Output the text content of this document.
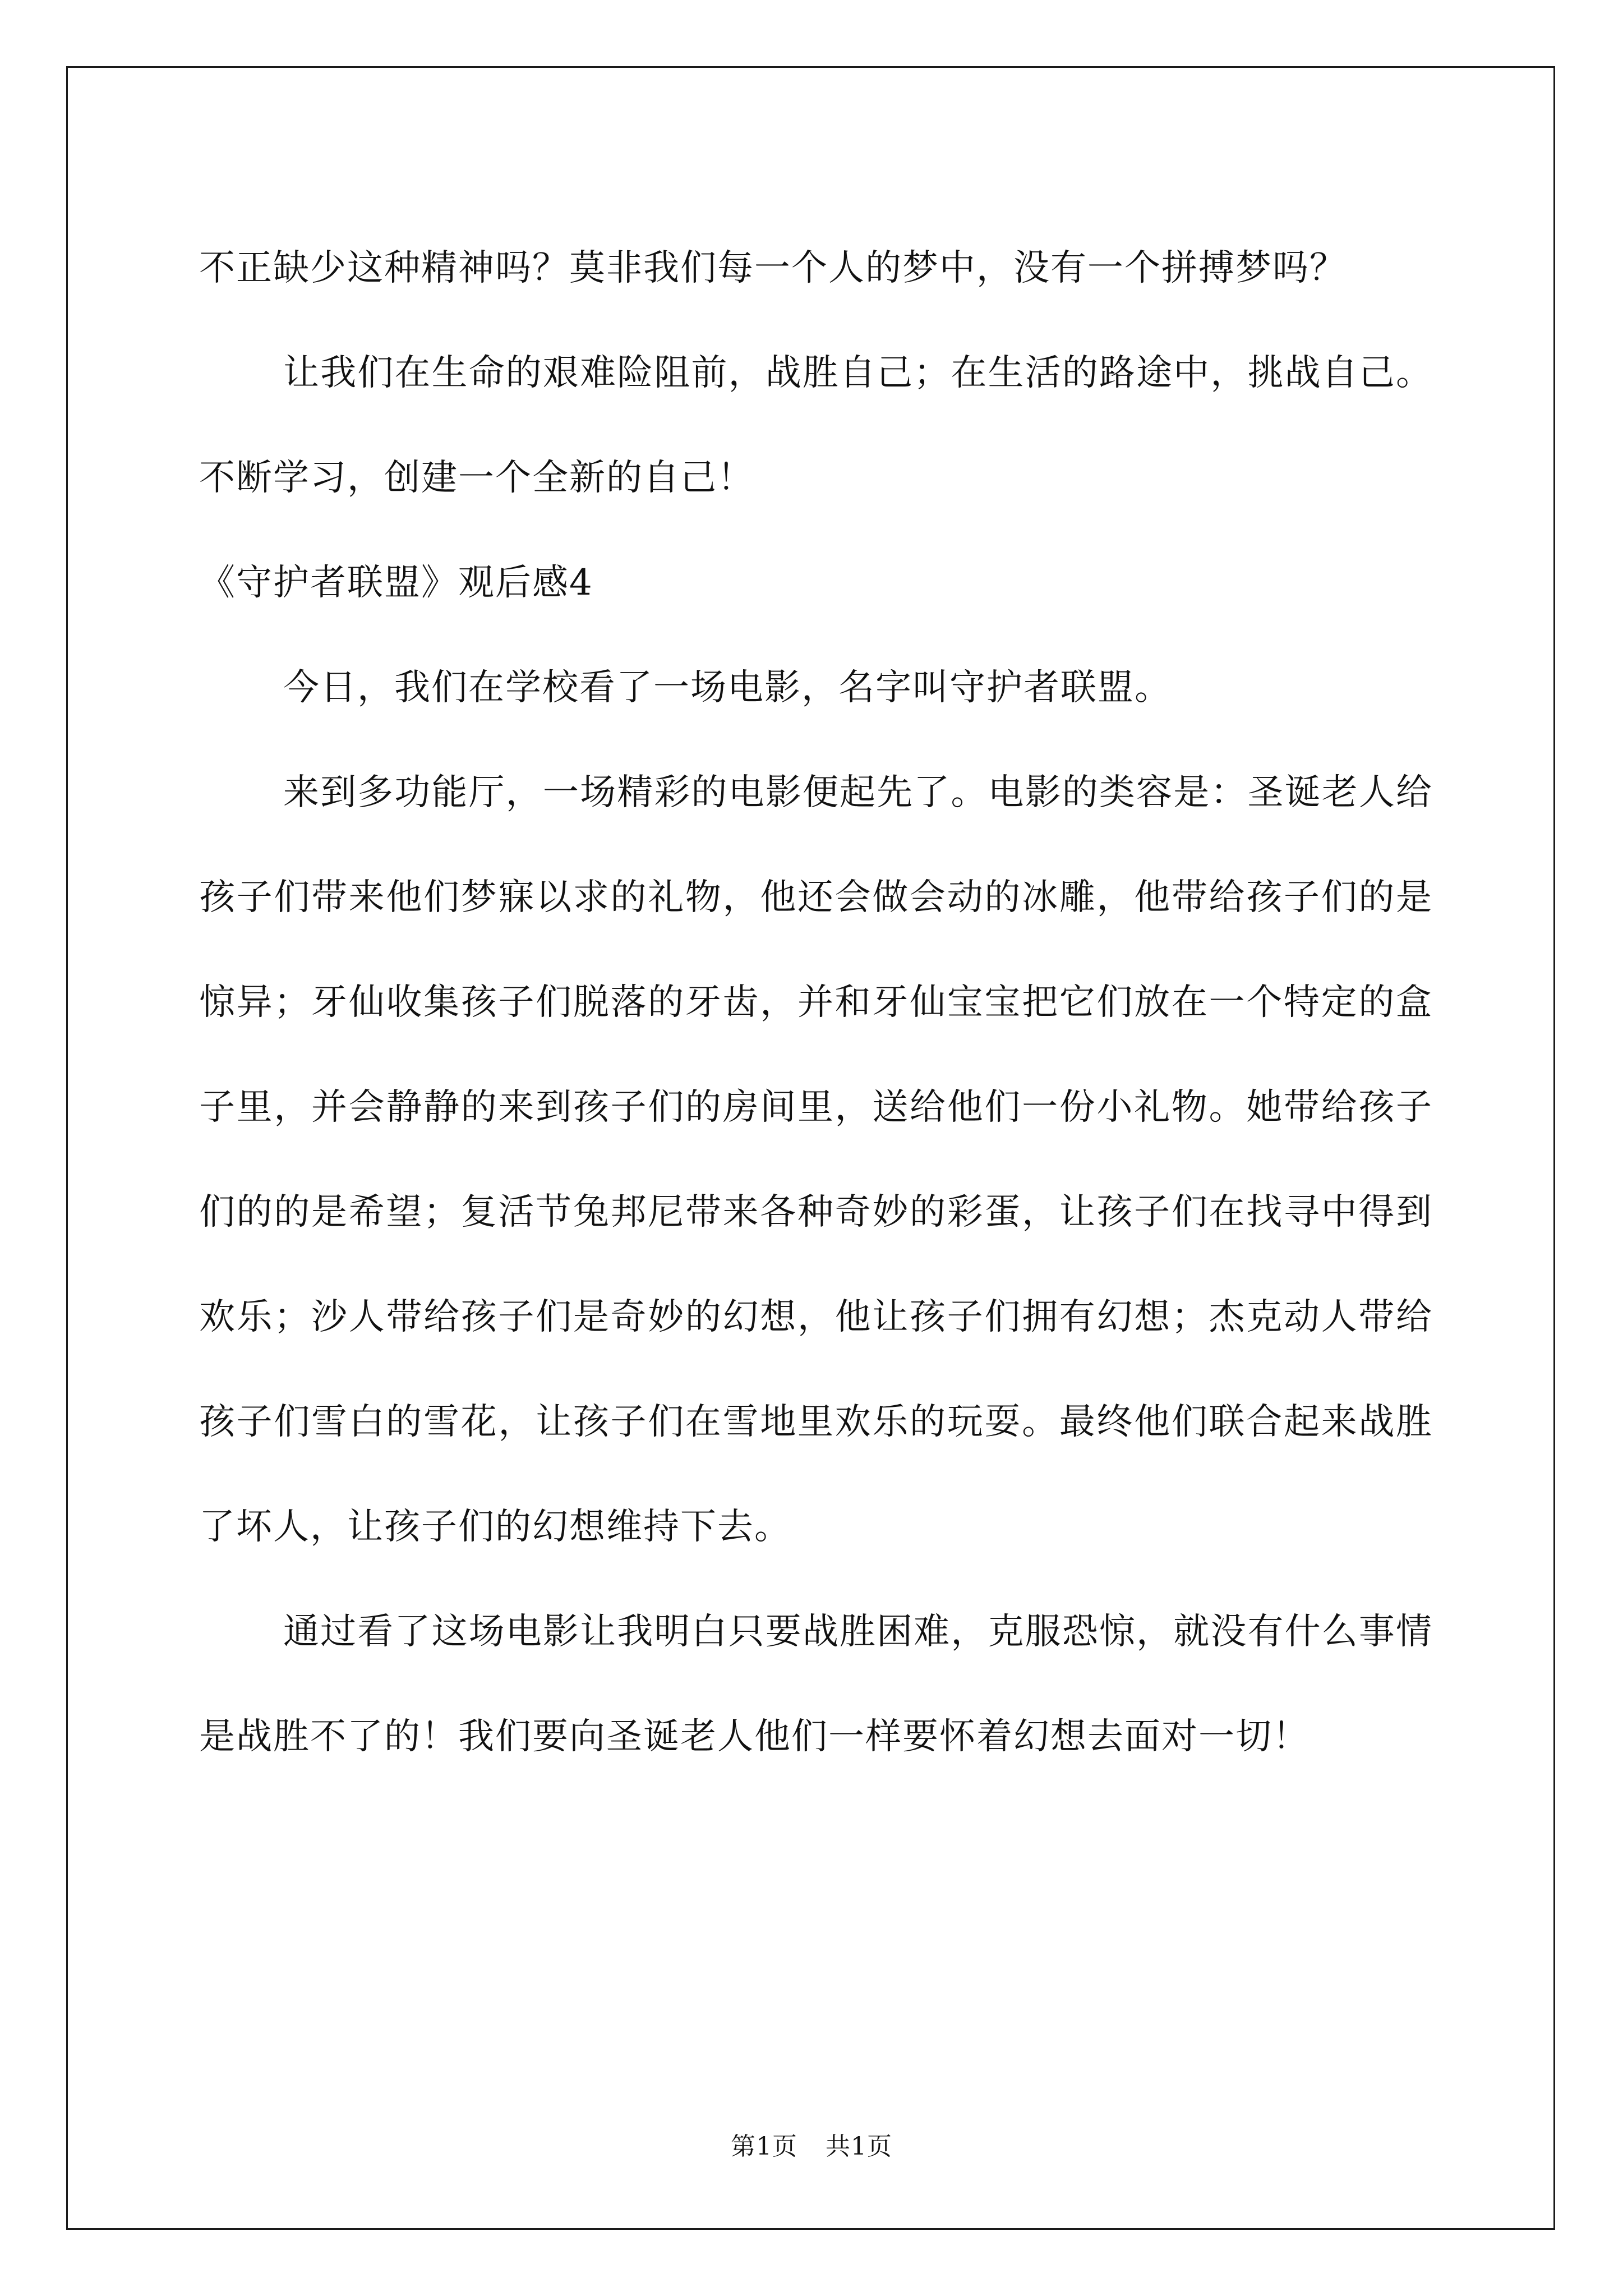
不正缺少这种精神吗？莫非我们每一个人的梦中，没有一个拼搏梦吗？

让我们在生命的艰难险阻前，战胜自己；在生活的路途中，挑战自己。不断学习，创建一个全新的自己！

《守护者联盟》观后感4

今日，我们在学校看了一场电影，名字叫守护者联盟。

来到多功能厅，一场精彩的电影便起先了。电影的类容是：圣诞老人给孩子们带来他们梦寐以求的礼物，他还会做会动的冰雕，他带给孩子们的是惊异；牙仙收集孩子们脱落的牙齿，并和牙仙宝宝把它们放在一个特定的盒子里，并会静静的来到孩子们的房间里，送给他们一份小礼物。她带给孩子们的的是希望；复活节兔邦尼带来各种奇妙的彩蛋，让孩子们在找寻中得到欢乐；沙人带给孩子们是奇妙的幻想，他让孩子们拥有幻想；杰克动人带给孩子们雪白的雪花，让孩子们在雪地里欢乐的玩耍。最终他们联合起来战胜了坏人，让孩子们的幻想维持下去。

通过看了这场电影让我明白只要战胜困难，克服恐惊，就没有什么事情是战胜不了的！我们要向圣诞老人他们一样要怀着幻想去面对一切！

第1页 共1页
